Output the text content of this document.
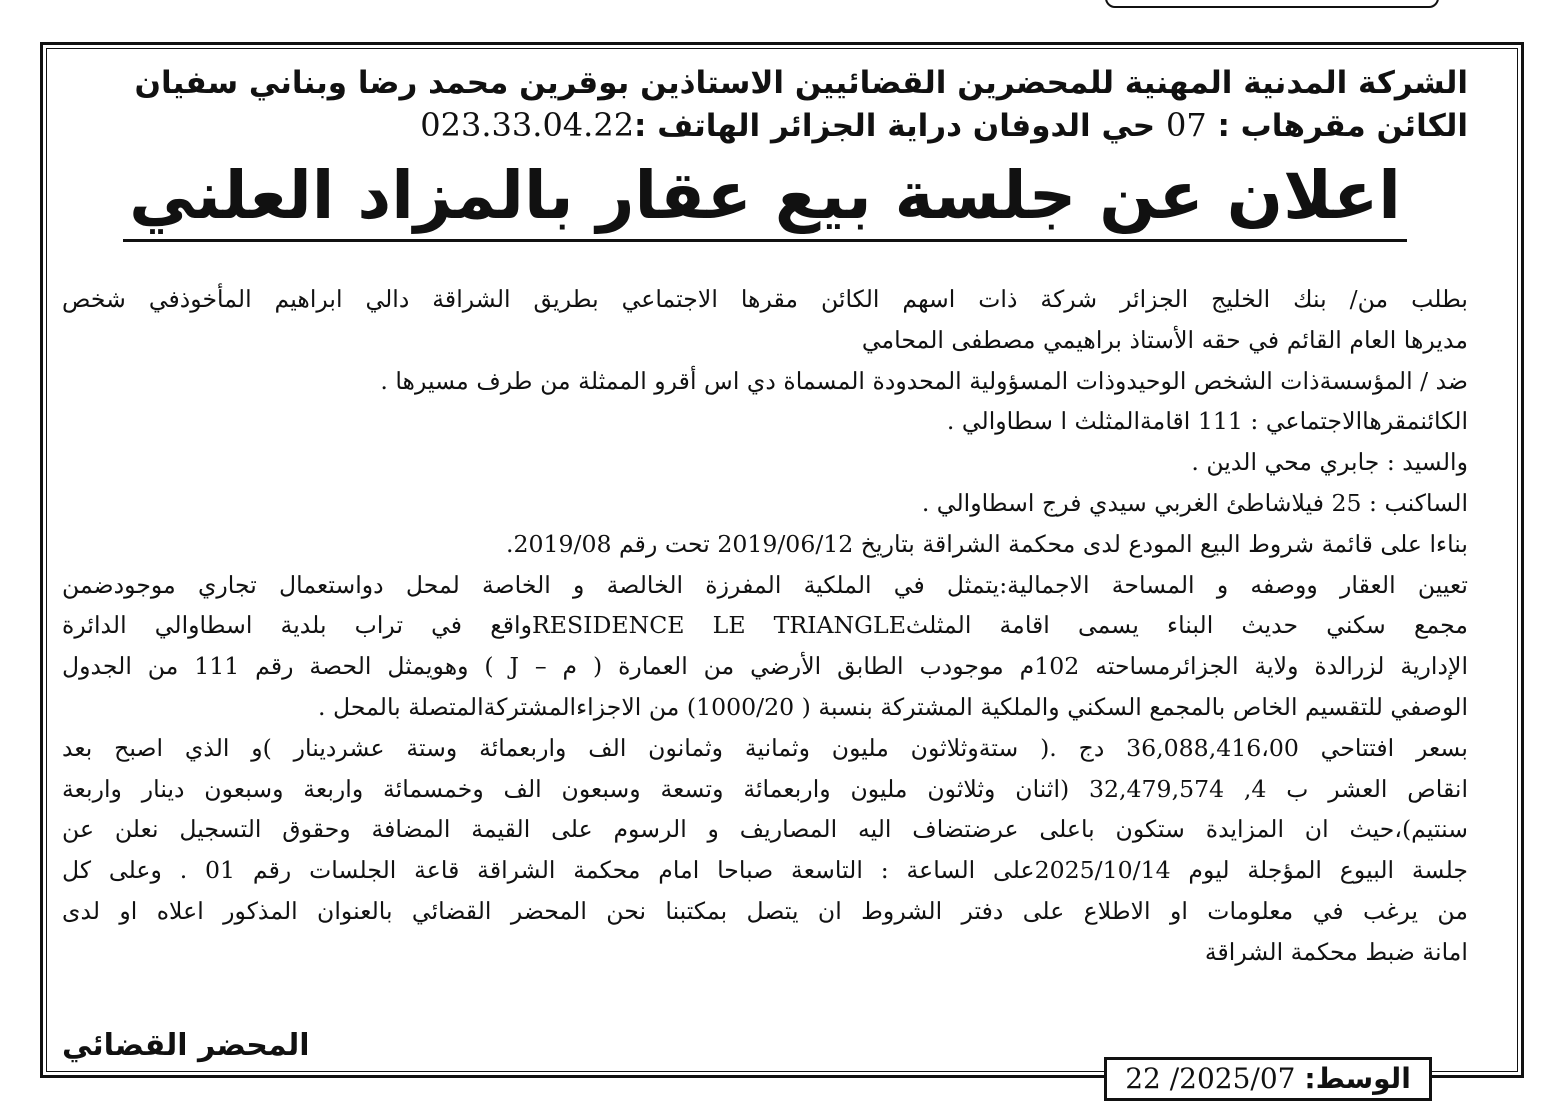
الشركة المدنية المهنية للمحضرين القضائيين الاستاذين بوقرين محمد رضا وبناني سفيان

الكائن مقرهاب : 07 حي الدوفان دراية الجزائر الهاتف :023.33.04.22

اعلان عن جلسة بيع عقار بالمزاد العلني

بطلب من/ بنك الخليج الجزائر شركة ذات اسهم الكائن مقرها الاجتماعي بطريق الشراقة دالي ابراهيم المأخوذفي شخص

مديرها العام القائم في حقه الأستاذ براهيمي مصطفى المحامي

ضد / المؤسسةذات الشخص الوحيدوذات المسؤولية المحدودة المسماة دي اس أقرو الممثلة من طرف مسيرها .

الكائنمقرهاالاجتماعي : 111 اقامةالمثلث ا سطاوالي .

والسيد : جابري محي الدين .

الساكنب : 25 فيلاشاطئ الغربي سيدي فرج اسطاوالي .

بناءا على قائمة شروط البيع المودع لدى محكمة الشراقة بتاريخ 2019/06/12 تحت رقم 2019/08.

تعيين العقار ووصفه و المساحة الاجمالية:يتمثل في الملكية المفرزة الخالصة و الخاصة لمحل دواستعمال تجاري موجودضمن

مجمع سكني حديث البناء يسمى اقامة المثلثRESIDENCE LE TRIANGLEواقع في تراب بلدية اسطاوالي الدائرة

الإدارية لزرالدة ولاية الجزائرمساحته 102م موجودب الطابق الأرضي من العمارة ( م – J ) وهويمثل الحصة رقم 111 من الجدول

الوصفي للتقسيم الخاص بالمجمع السكني والملكية المشتركة بنسبة ( 1000/20) من الاجزاءالمشتركةالمتصلة بالمحل .

بسعر افتتاحي 36,088,416،00 دج .( ستةوثلاثون مليون وثمانية وثمانون الف واربعمائة وستة عشردينار )و الذي اصبح بعد

انقاص العشر ب 4, 32,479,574 (اثنان وثلاثون مليون واربعمائة وتسعة وسبعون الف وخمسمائة واربعة وسبعون دينار واربعة

سنتيم)،حيث ان المزايدة ستكون باعلى عرضتضاف اليه المصاريف و الرسوم على القيمة المضافة وحقوق التسجيل نعلن عن

جلسة البيوع المؤجلة ليوم 2025/10/14على الساعة : التاسعة صباحا امام محكمة الشراقة قاعة الجلسات رقم 01 . وعلى كل

من يرغب في معلومات او الاطلاع على دفتر الشروط ان يتصل بمكتبنا نحن المحضر القضائي بالعنوان المذكور اعلاه او لدى

امانة ضبط محكمة الشراقة

المحضر القضائي
الوسط: 2025/07/ 22
